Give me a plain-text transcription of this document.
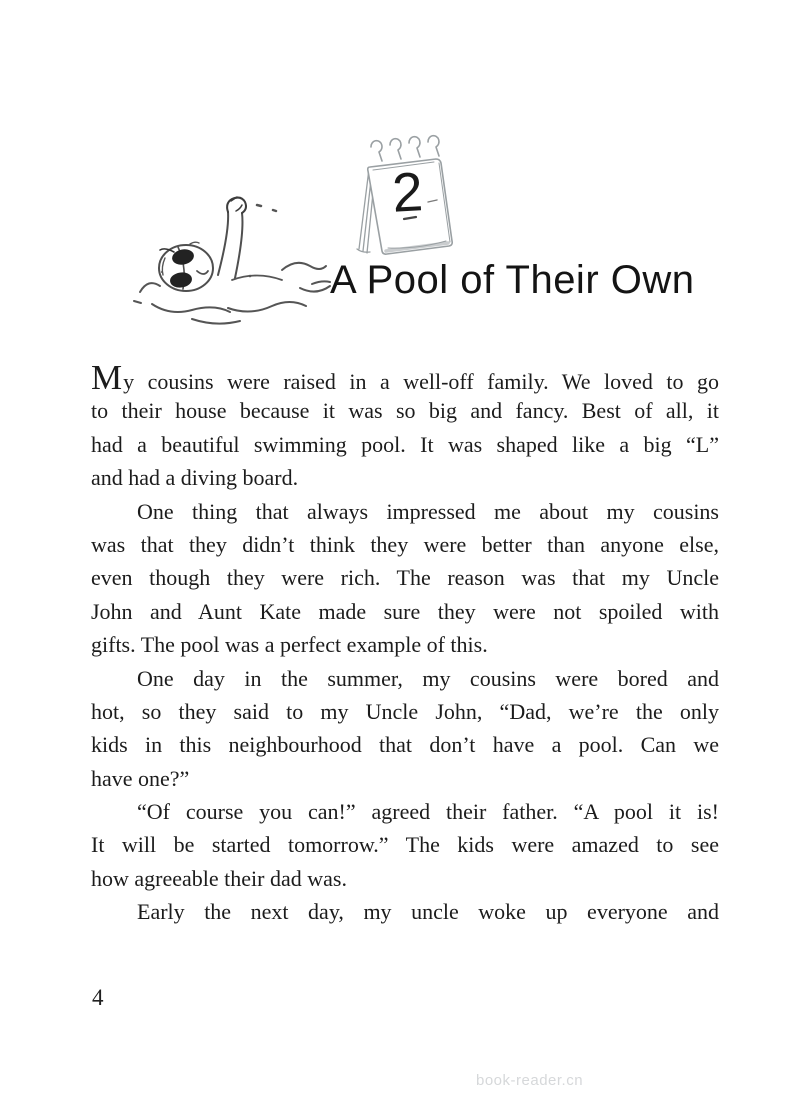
2
A Pool of Their Own
My cousins were raised in a well-off family. We loved to go
to their house because it was so big and fancy. Best of all, it
had a beautiful swimming pool. It was shaped like a big “L”
and had a diving board.
One thing that always impressed me about my cousins
was that they didn’t think they were better than anyone else,
even though they were rich. The reason was that my Uncle
John and Aunt Kate made sure they were not spoiled with
gifts. The pool was a perfect example of this.
One day in the summer, my cousins were bored and
hot, so they said to my Uncle John, “Dad, we’re the only
kids in this neighbourhood that don’t have a pool. Can we
have one?”
“Of course you can!” agreed their father. “A pool it is!
It will be started tomorrow.” The kids were amazed to see
how agreeable their dad was.
Early the next day, my uncle woke up everyone and
4
book-reader.cn
